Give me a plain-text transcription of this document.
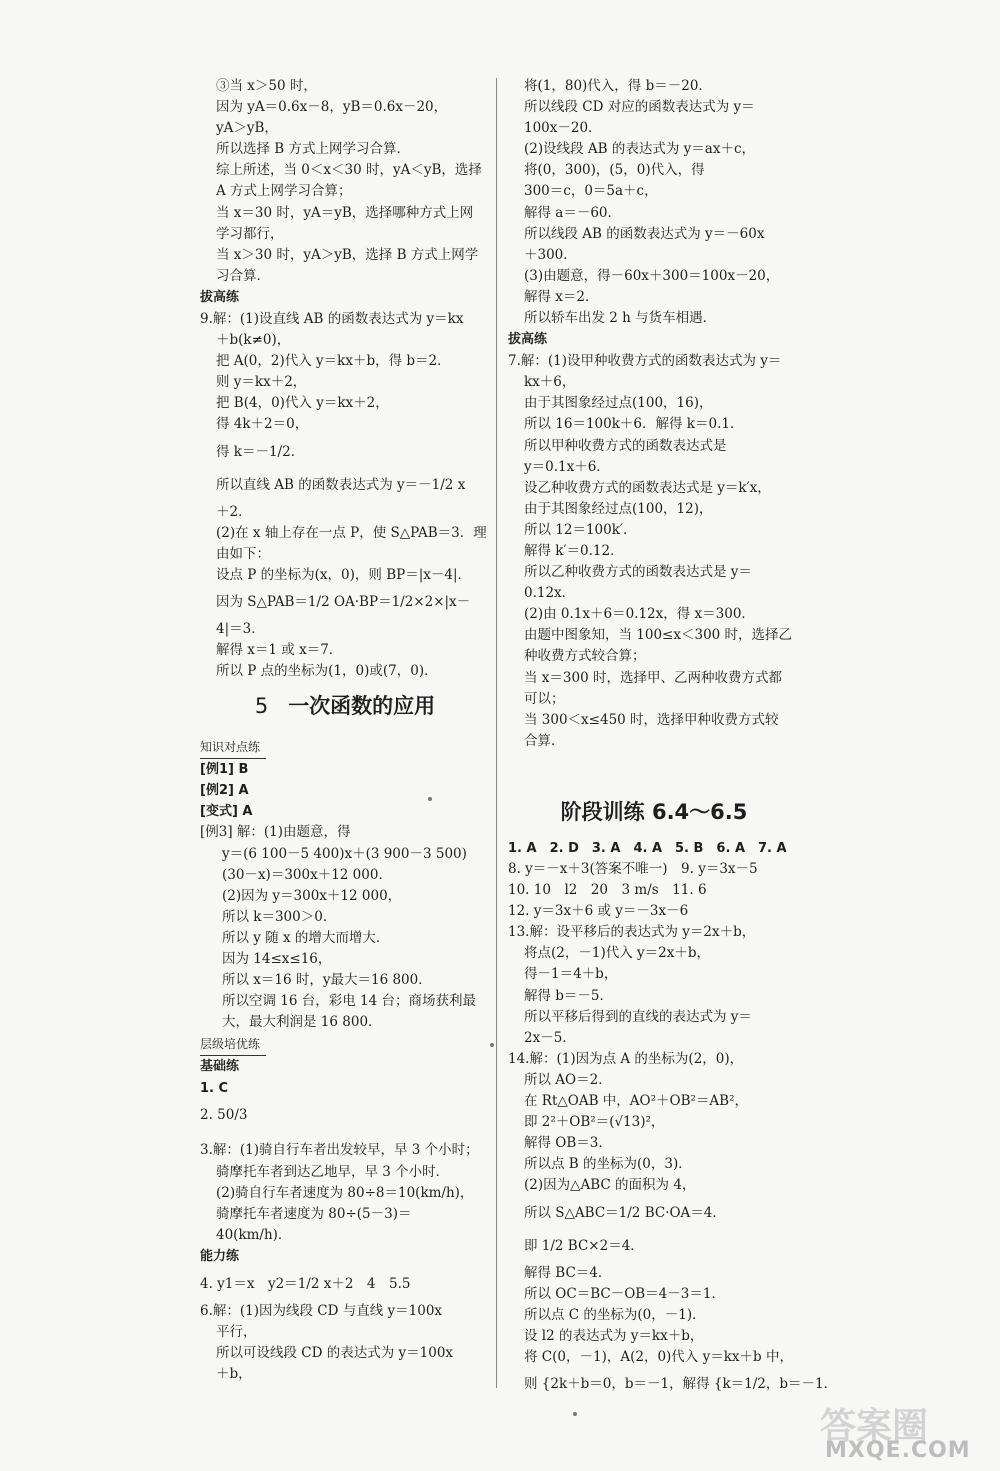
③当 x＞50 时，
因为 yA＝0.6x－8，yB＝0.6x－20，
yA＞yB，
所以选择 B 方式上网学习合算．
综上所述，当 0＜x＜30 时，yA＜yB，选择
A 方式上网学习合算；
当 x＝30 时，yA＝yB，选择哪种方式上网
学习都行，
当 x＞30 时，yA＞yB，选择 B 方式上网学
习合算．
拔高练
9.解：(1)设直线 AB 的函数表达式为 y＝kx
＋b(k≠0)，
把 A(0，2)代入 y＝kx＋b，得 b＝2．
则 y＝kx＋2，
把 B(4，0)代入 y＝kx＋2，
得 4k＋2＝0，
得 k＝－1/2．
所以直线 AB 的函数表达式为 y＝－1/2 x
＋2．
(2)在 x 轴上存在一点 P，使 S△PAB＝3．理
由如下：
设点 P 的坐标为(x，0)，则 BP＝|x－4|．
因为 S△PAB＝1/2 OA·BP＝1/2×2×|x－
4|＝3．
解得 x＝1 或 x＝7．
所以 P 点的坐标为(1，0)或(7，0)．
5 一次函数的应用
知识对点练
[例1] B
[例2] A
[变式] A
[例3] 解：(1)由题意，得
y＝(6 100－5 400)x＋(3 900－3 500)
(30－x)＝300x＋12 000．
(2)因为 y＝300x＋12 000，
所以 k＝300＞0．
所以 y 随 x 的增大而增大．
因为 14≤x≤16，
所以 x＝16 时，y最大＝16 800．
所以空调 16 台，彩电 14 台；商场获利最
大，最大利润是 16 800．
层级培优练
基础练
1. C
2. 50/3
3.解：(1)骑自行车者出发较早，早 3 个小时；
骑摩托车者到达乙地早，早 3 个小时．
(2)骑自行车者速度为 80÷8＝10(km/h)，
骑摩托车者速度为 80÷(5－3)＝
40(km/h)．
能力练
4. y1＝x　y2＝1/2 x＋2　4　5.5
6.解：(1)因为线段 CD 与直线 y＝100x
平行，
所以可设线段 CD 的表达式为 y＝100x
＋b，
将(1，80)代入，得 b＝－20．
所以线段 CD 对应的函数表达式为 y＝
100x－20．
(2)设线段 AB 的表达式为 y＝ax＋c，
将(0，300)，(5，0)代入，得
300＝c，0＝5a＋c，
解得 a＝－60．
所以线段 AB 的函数表达式为 y＝－60x
＋300．
(3)由题意，得－60x＋300＝100x－20，
解得 x＝2．
所以轿车出发 2 h 与货车相遇．
拔高练
7.解：(1)设甲种收费方式的函数表达式为 y＝
kx＋6，
由于其图象经过点(100，16)，
所以 16＝100k＋6．解得 k＝0.1．
所以甲种收费方式的函数表达式是
y＝0.1x＋6．
设乙种收费方式的函数表达式是 y＝k′x，
由于其图象经过点(100，12)，
所以 12＝100k′．
解得 k′＝0.12．
所以乙种收费方式的函数表达式是 y＝
0.12x．
(2)由 0.1x＋6＝0.12x，得 x＝300．
由题中图象知，当 100≤x＜300 时，选择乙
种收费方式较合算；
当 x＝300 时，选择甲、乙两种收费方式都
可以；
当 300＜x≤450 时，选择甲种收费方式较
合算．
阶段训练 6.4～6.5
1. A　2. D　3. A　4. A　5. B　6. A　7. A
8. y＝－x＋3(答案不唯一)　9. y＝3x－5
10. 10　l2　20　3 m/s　11. 6
12. y＝3x＋6 或 y＝－3x－6
13.解：设平移后的表达式为 y＝2x＋b，
将点(2，－1)代入 y＝2x＋b，
得－1＝4＋b，
解得 b＝－5．
所以平移后得到的直线的表达式为 y＝
2x－5．
14.解：(1)因为点 A 的坐标为(2，0)，
所以 AO＝2．
在 Rt△OAB 中，AO²＋OB²＝AB²，
即 2²＋OB²＝(√13)²，
解得 OB＝3．
所以点 B 的坐标为(0，3)．
(2)因为△ABC 的面积为 4，
所以 S△ABC＝1/2 BC·OA＝4．
即 1/2 BC×2＝4．
解得 BC＝4．
所以 OC＝BC－OB＝4－3＝1．
所以点 C 的坐标为(0，－1)．
设 l2 的表达式为 y＝kx＋b，
将 C(0，－1)，A(2，0)代入 y＝kx＋b 中，
则 {2k＋b＝0，b＝－1，解得 {k＝1/2，b＝－1．
答案圈
MXQE.COM
